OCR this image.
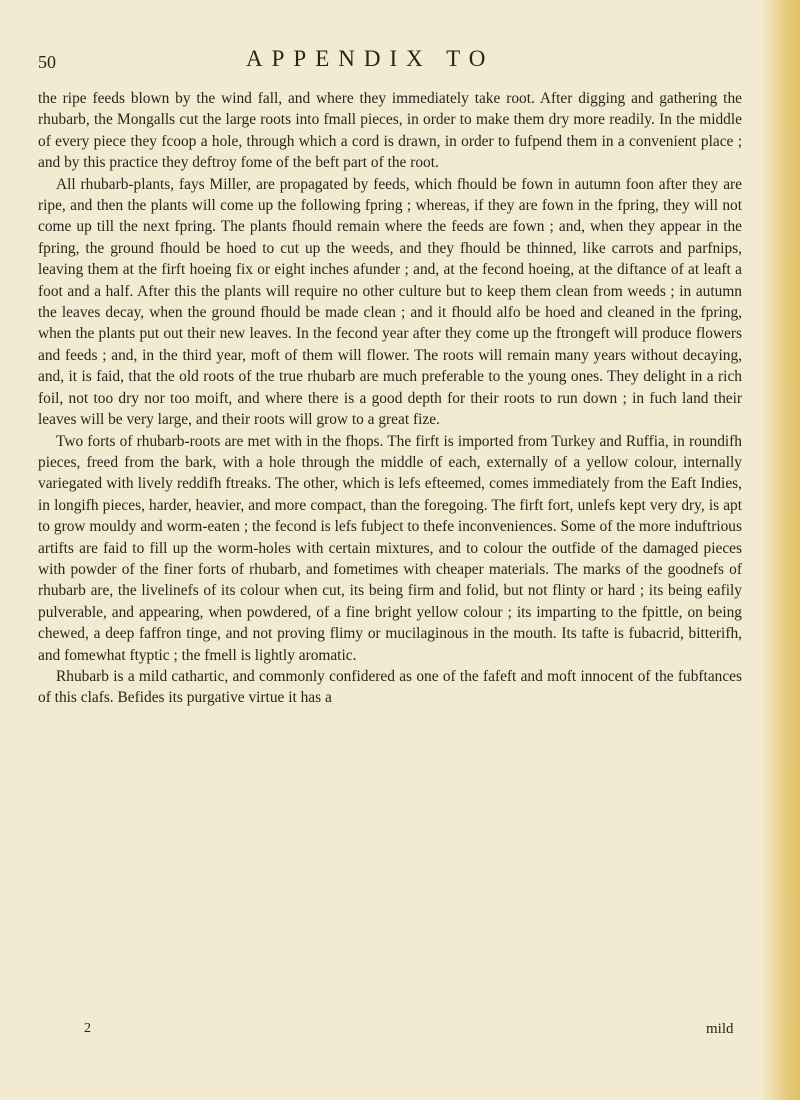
50	APPENDIX TO

the ripe feeds blown by the wind fall, and where they immediately take root. After digging and gathering the rhubarb, the Mongalls cut the large roots into fmall pieces, in order to make them dry more readily. In the middle of every piece they fcoop a hole, through which a cord is drawn, in order to fufpend them in a convenient place ; and by this practice they deftroy fome of the beft part of the root.

All rhubarb-plants, fays Miller, are propagated by feeds, which fhould be fown in autumn foon after they are ripe, and then the plants will come up the following fpring ; whereas, if they are fown in the fpring, they will not come up till the next fpring. The plants fhould remain where the feeds are fown ; and, when they appear in the fpring, the ground fhould be hoed to cut up the weeds, and they fhould be thinned, like carrots and parfnips, leaving them at the firft hoeing fix or eight inches afunder ; and, at the fecond hoeing, at the diftance of at leaft a foot and a half. After this the plants will require no other culture but to keep them clean from weeds ; in autumn the leaves decay, when the ground fhould be made clean ; and it fhould alfo be hoed and cleaned in the fpring, when the plants put out their new leaves. In the fecond year after they come up the ftrongeft will produce flowers and feeds ; and, in the third year, moft of them will flower. The roots will remain many years without decaying, and, it is faid, that the old roots of the true rhubarb are much preferable to the young ones. They delight in a rich foil, not too dry nor too moift, and where there is a good depth for their roots to run down ; in fuch land their leaves will be very large, and their roots will grow to a great fize.

Two forts of rhubarb-roots are met with in the fhops. The firft is imported from Turkey and Ruffia, in roundifh pieces, freed from the bark, with a hole through the middle of each, externally of a yellow colour, internally variegated with lively reddifh ftreaks. The other, which is lefs efteemed, comes immediately from the Eaft Indies, in longifh pieces, harder, heavier, and more compact, than the foregoing. The firft fort, unlefs kept very dry, is apt to grow mouldy and worm-eaten ; the fecond is lefs fubject to thefe inconveniences. Some of the more induftrious artifts are faid to fill up the worm-holes with certain mixtures, and to colour the outfide of the damaged pieces with powder of the finer forts of rhubarb, and fometimes with cheaper materials. The marks of the goodnefs of rhubarb are, the livelinefs of its colour when cut, its being firm and folid, but not flinty or hard ; its being eafily pulverable, and appearing, when powdered, of a fine bright yellow colour ; its imparting to the fpittle, on being chewed, a deep faffron tinge, and not proving flimy or mucilaginous in the mouth. Its tafte is fubacrid, bitterifh, and fomewhat ftyptic ; the fmell is lightly aromatic.

Rhubarb is a mild cathartic, and commonly confidered as one of the fafeft and moft innocent of the fubftances of this clafs. Befides its purgative virtue it has a

2	mild
